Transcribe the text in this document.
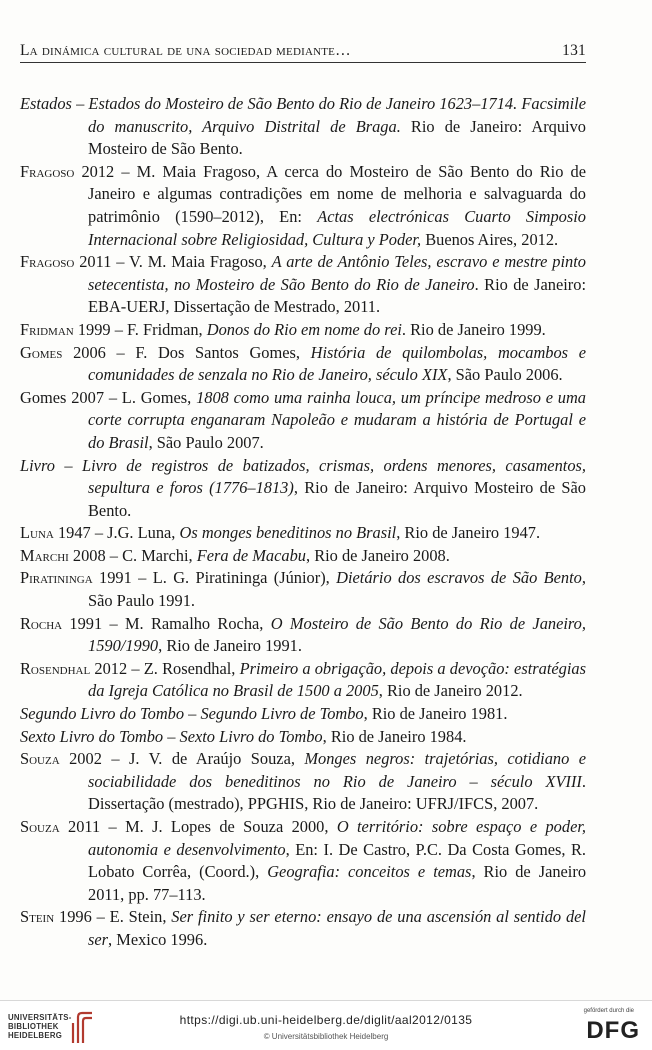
La dinámica cultural de una sociedad mediante…	131

Estados – Estados do Mosteiro de São Bento do Rio de Janeiro 1623–1714. Facsimile do manuscrito, Arquivo Distrital de Braga. Rio de Janeiro: Arquivo Mosteiro de São Bento.

Fragoso 2012 – M. Maia Fragoso, A cerca do Mosteiro de São Bento do Rio de Janeiro e algumas contradições em nome de melhoria e salvaguarda do patrimônio (1590–2012), En: Actas electrónicas Cuarto Simposio Internacional sobre Religiosidad, Cultura y Poder, Buenos Aires, 2012.

Fragoso 2011 – V. M. Maia Fragoso, A arte de Antônio Teles, escravo e mestre pinto setecentista, no Mosteiro de São Bento do Rio de Janeiro. Rio de Janeiro: EBA-UERJ, Dissertação de Mestrado, 2011.

Fridman 1999 – F. Fridman, Donos do Rio em nome do rei. Rio de Janeiro 1999.

Gomes 2006 – F. Dos Santos Gomes, História de quilombolas, mocambos e comunidades de senzala no Rio de Janeiro, século XIX, São Paulo 2006.

Gomes 2007 – L. Gomes, 1808 como uma rainha louca, um príncipe medroso e uma corte corrupta enganaram Napoleão e mudaram a história de Portugal e do Brasil, São Paulo 2007.

Livro – Livro de registros de batizados, crismas, ordens menores, casamentos, sepultura e foros (1776–1813), Rio de Janeiro: Arquivo Mosteiro de São Bento.

Luna 1947 – J.G. Luna, Os monges beneditinos no Brasil, Rio de Janeiro 1947.

Marchi 2008 – C. Marchi, Fera de Macabu, Rio de Janeiro 2008.

Piratininga 1991 – L. G. Piratininga (Júnior), Dietário dos escravos de São Bento, São Paulo 1991.

Rocha 1991 – M. Ramalho Rocha, O Mosteiro de São Bento do Rio de Janeiro, 1590/1990, Rio de Janeiro 1991.

Rosendhal 2012 – Z. Rosendhal, Primeiro a obrigação, depois a devoção: estratégias da Igreja Católica no Brasil de 1500 a 2005, Rio de Janeiro 2012.

Segundo Livro do Tombo – Segundo Livro de Tombo, Rio de Janeiro 1981.

Sexto Livro do Tombo – Sexto Livro do Tombo, Rio de Janeiro 1984.

Souza 2002 – J. V. de Araújo Souza, Monges negros: trajetórias, cotidiano e sociabilidade dos beneditinos no Rio de Janeiro – século XVIII. Dissertação (mestrado), PPGHIS, Rio de Janeiro: UFRJ/IFCS, 2007.

Souza 2011 – M. J. Lopes de Souza 2000, O território: sobre espaço e poder, autonomia e desenvolvimento, En: I. De Castro, P.C. Da Costa Gomes, R. Lobato Corrêa, (Coord.), Geografia: conceitos e temas, Rio de Janeiro 2011, pp. 77–113.

Stein 1996 – E. Stein, Ser finito y ser eterno: ensayo de una ascensión al sentido del ser, Mexico 1996.

UNIVERSITÄTS-
BIBLIOTHEK
HEIDELBERG
https://digi.ub.uni-heidelberg.de/diglit/aal2012/0135
© Universitätsbibliothek Heidelberg
gefördert durch die
DFG
